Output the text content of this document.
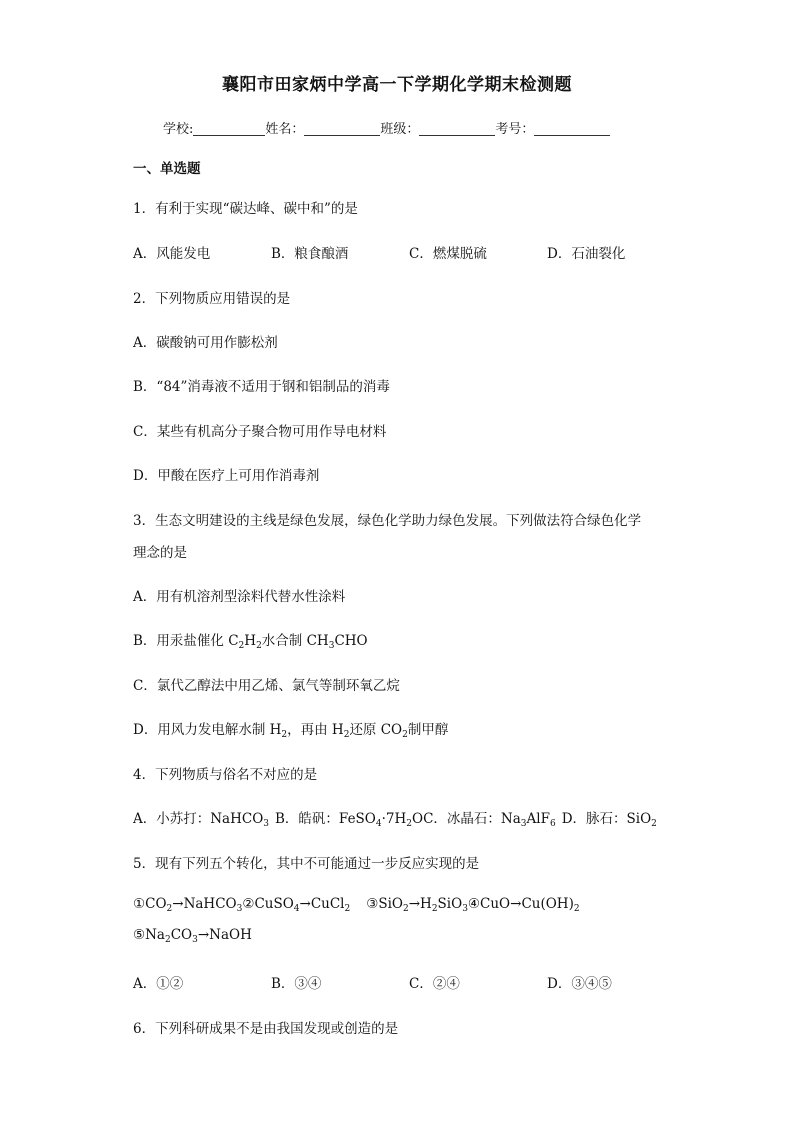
襄阳市田家炳中学高一下学期化学期末检测题
学校:	姓名：	班级：	考号：
一、单选题
1．有利于实现“碳达峰、碳中和”的是
A．风能发电	B．粮食酿酒	C．燃煤脱硫	D．石油裂化
2．下列物质应用错误的是
A．碳酸钠可用作膨松剂
B．“84”消毒液不适用于钢和铝制品的消毒
C．某些有机高分子聚合物可用作导电材料
D．甲酸在医疗上可用作消毒剂
3．生态文明建设的主线是绿色发展，绿色化学助力绿色发展。下列做法符合绿色化学
理念的是
A．用有机溶剂型涂料代替水性涂料
B．用汞盐催化 $C_2H_2$水合制 $CH_3CHO$
C．氯代乙醇法中用乙烯、氯气等制环氧乙烷
D．用风力发电解水制 $H_2$，再由 $H_2$还原 $CO_2$制甲醇
4．下列物质与俗名不对应的是
A．小苏打：NaHCO$_3$ B．皓矾：$FeSO_4\cdot 7H_2OC$．冰晶石：$Na_3AlF_6$ D．脉石：SiO$_2$
5．现有下列五个转化，其中不可能通过一步反应实现的是
$①CO_2\to NaHCO_3②CuSO_4\to CuCl_2$ $③SiO_2\to H_2SiO_3④CuO\to Cu(OH)_2$
$⑤Na_2CO_3\to NaOH$
A．①②	B．③④	C．②④	D．③④⑤
6．下列科研成果不是由我国发现或创造的是
